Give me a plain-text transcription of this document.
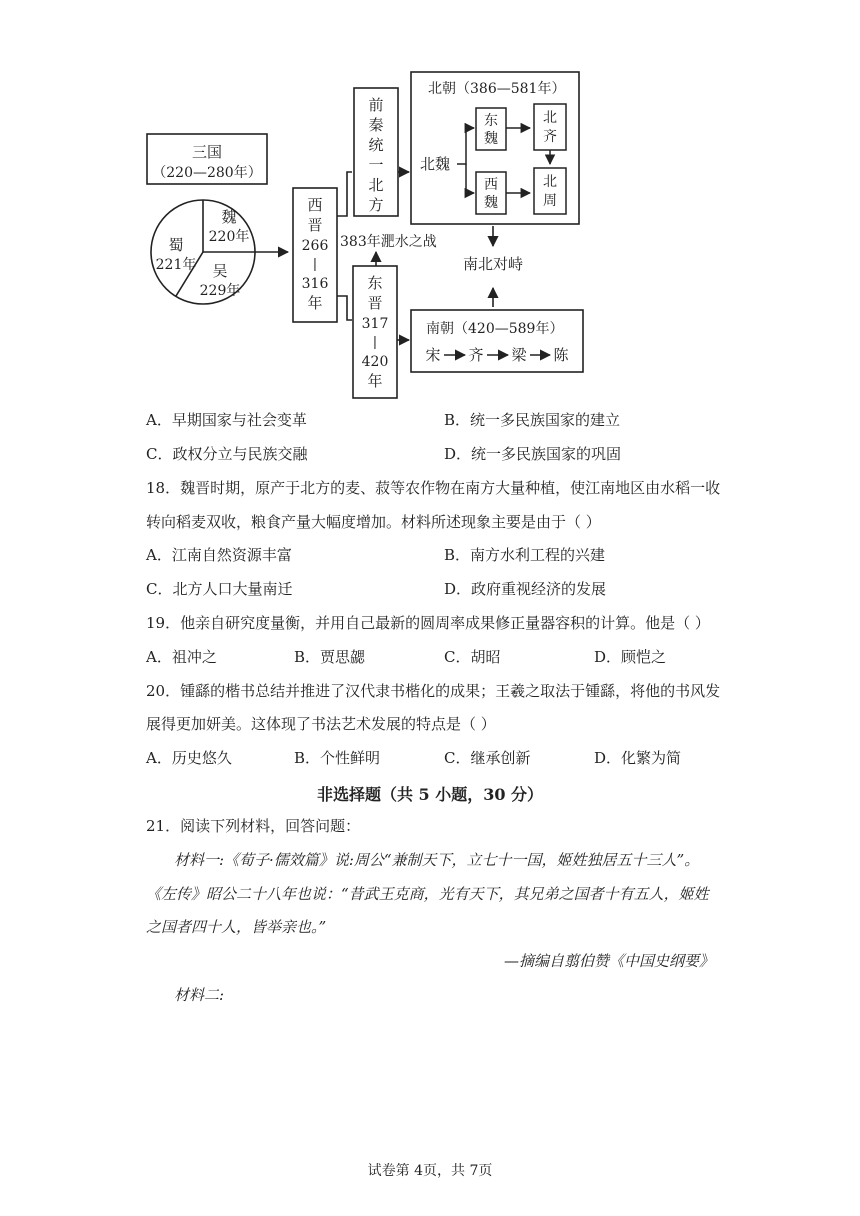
三国
（220—280年）
魏
220年
蜀
221年 吴
229年
西
晋
266
|
316
年
前
秦
统
一
北
方
383年淝水之战
东
晋
317
|
420
年
北朝（386—581年）
北魏
东
魏
西
魏
北
齐
北
周
南北对峙
南朝（420—589年）
宋 齐 梁 陈
A．早期国家与社会变革	B．统一多民族国家的建立
C．政权分立与民族交融	D．统一多民族国家的巩固
18．魏晋时期，原产于北方的麦、菽等农作物在南方大量种植，使江南地区由水稻一收
转向稻麦双收，粮食产量大幅度增加。材料所述现象主要是由于（ ）
A．江南自然资源丰富	B．南方水利工程的兴建
C．北方人口大量南迁	D．政府重视经济的发展
19．他亲自研究度量衡，并用自己最新的圆周率成果修正量器容积的计算。他是（ ）
A．祖冲之	B．贾思勰	C．胡昭	D．顾恺之
20．锺繇的楷书总结并推进了汉代隶书楷化的成果；王羲之取法于锺繇，将他的书风发
展得更加妍美。这体现了书法艺术发展的特点是（ ）
A．历史悠久	B．个性鲜明	C．继承创新	D．化繁为简
非选择题（共 5 小题，30 分）
21．阅读下列材料，回答问题：
材料一:《荀子·儒效篇》说:周公“兼制天下，立七十一国，姬姓独居五十三人”。
《左传》昭公二十八年也说：“昔武王克商，光有天下，其兄弟之国者十有五人，姬姓
之国者四十人，皆举亲也。”
—摘编自翦伯赞《中国史纲要》
材料二:
试卷第 4页，共 7页
